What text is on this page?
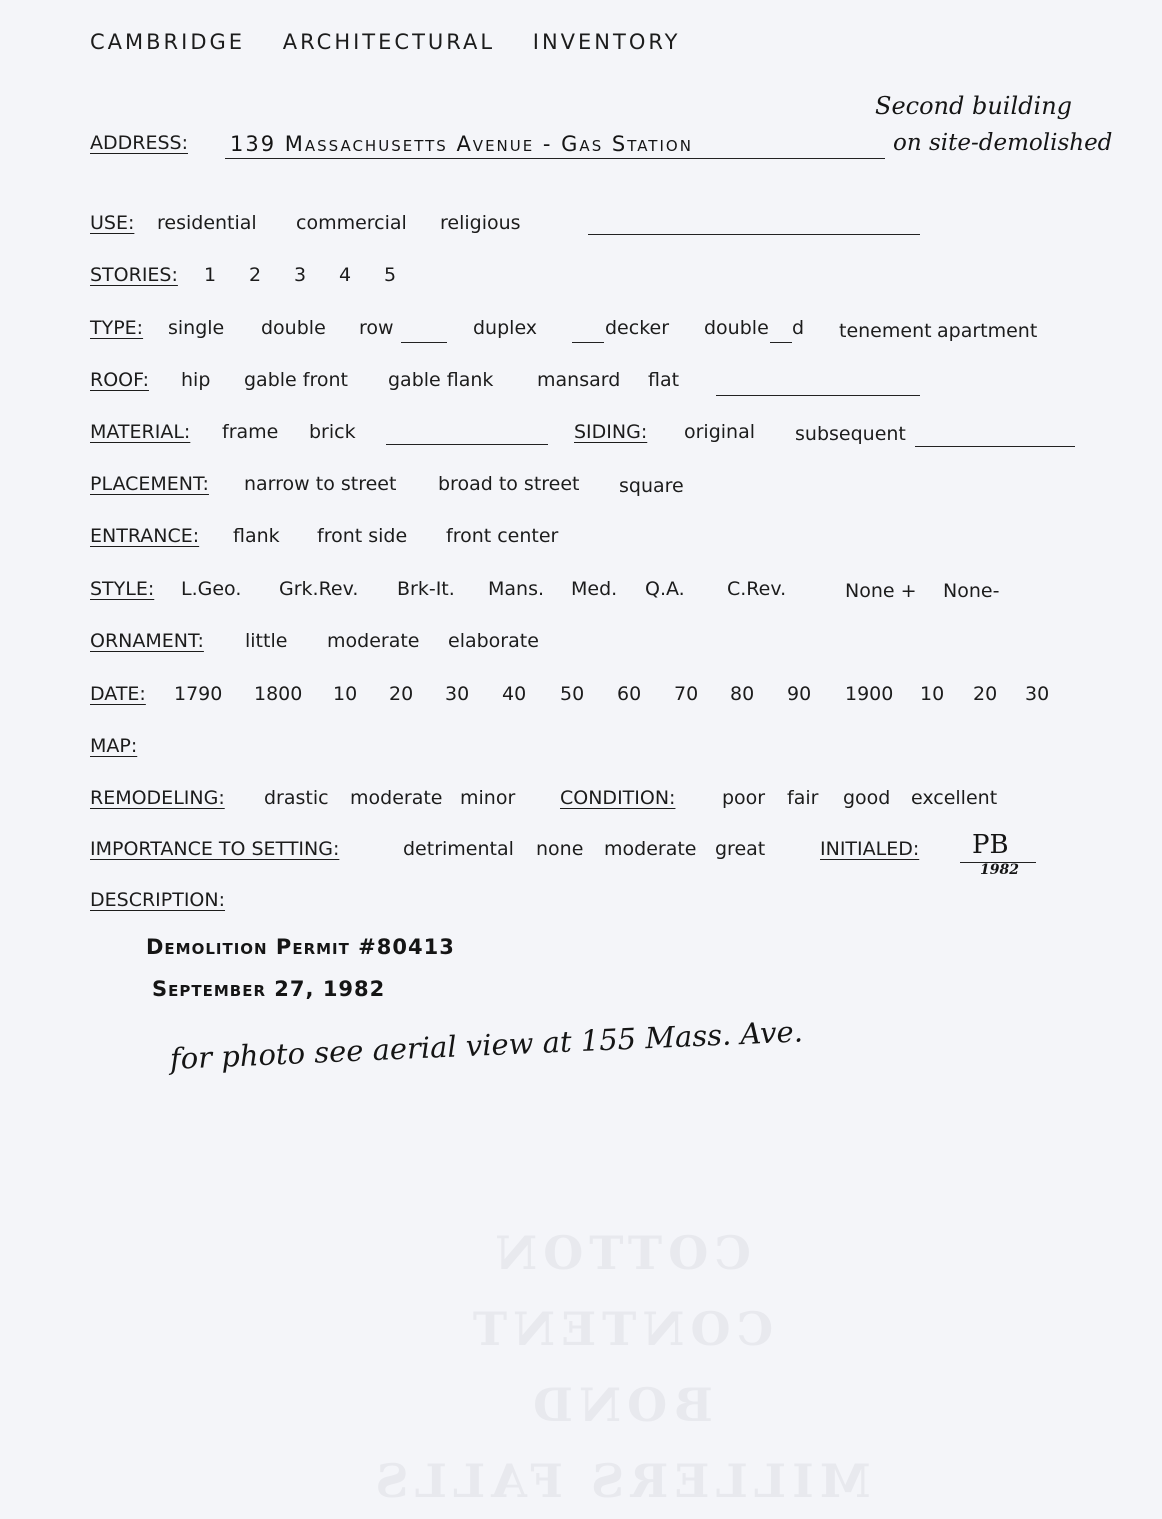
CAMBRIDGE ARCHITECTURAL INVENTORY
ADDRESS: 139 Massachusetts Avenue - Gas Station
Second building
on site-demolished
USE: residential commercial religious
STORIES: 1 2 3 4 5
TYPE: single double row	duplex	decker double d tenement apartment
ROOF: hip gable front gable flank mansard flat
MATERIAL: frame brick	SIDING: original subsequent
PLACEMENT: narrow to street broad to street square
ENTRANCE: flank front side front center
STYLE: L.Geo. Grk.Rev. Brk-It. Mans. Med. Q.A. C.Rev.	None + None-
ORNAMENT: little moderate elaborate
DATE: 1790 1800 10 20 30 40 50 60 70 80 90 1900 10 20 30
MAP:
REMODELING: drastic moderate minor CONDITION: poor fair good excellent
IMPORTANCE TO SETTING:	detrimental none moderate great	INITIALED: PB
1982
DESCRIPTION:
Demolition Permit #80413
September 27, 1982
for photo see aerial view at 155 Mass. Ave.
COTTON CONTENT
BOND
MILLERS FALLS
